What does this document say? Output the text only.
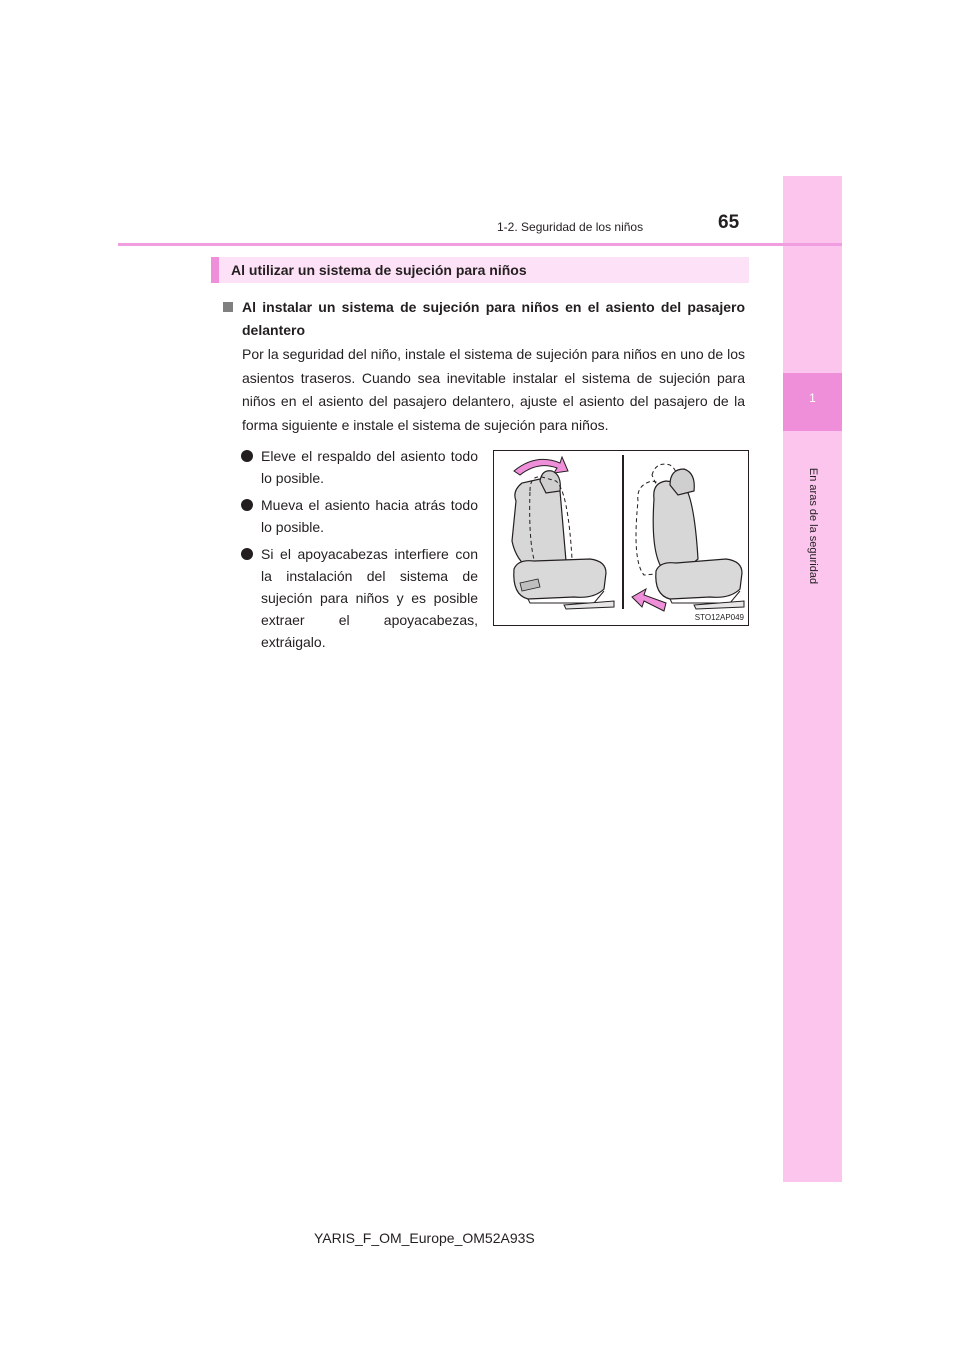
1
En aras de la seguridad
1-2. Seguridad de los niños	65
Al utilizar un sistema de sujeción para niños
Al instalar un sistema de sujeción para niños en el asiento del pasajero delantero
Por la seguridad del niño, instale el sistema de sujeción para niños en uno de los asientos traseros. Cuando sea inevitable instalar el sistema de sujeción para niños en el asiento del pasajero delantero, ajuste el asiento del pasajero de la forma siguiente e instale el sistema de sujeción para niños.
Eleve el respaldo del asiento todo lo posible.
Mueva el asiento hacia atrás todo lo posible.
Si el apoyacabezas interfiere con la instalación del sistema de sujeción para niños y es posible extraer el apoyacabezas, extráigalo.
STO12AP049
YARIS_F_OM_Europe_OM52A93S
